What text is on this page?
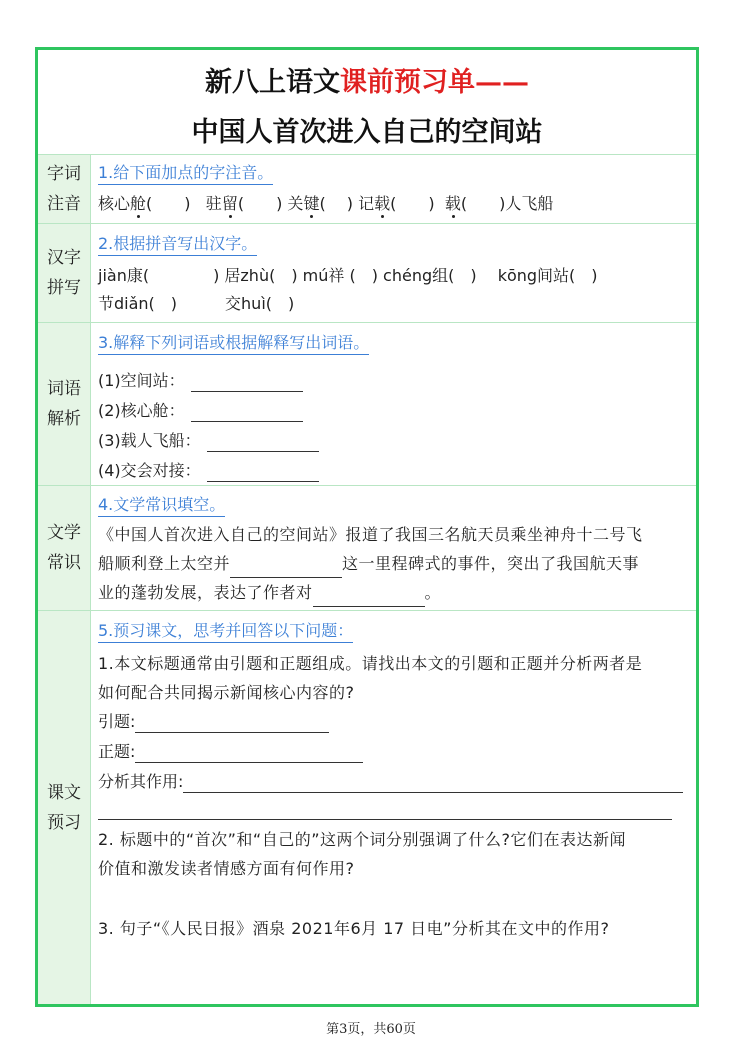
新八上语文课前预习单——
中国人首次进入自己的空间站
字词
注音
1.给下面加点的字注音。
核心舱(　　) 驻留(　　) 关键(　 ) 记载(　　) 载(　　)人飞船
汉字
拼写
2.根据拼音写出汉字。
jiàn康(　　　　) 居zhù(　) mú祥 (　) chéng组(　)　 kōng间站(　)
节diǎn(　)　　　交huì(　)
词语
解析
3.解释下列词语或根据解释写出词语。
(1)空间站：
(2)核心舱：
(3)载人飞船：
(4)交会对接：
文学
常识
4.文学常识填空。
《中国人首次进入自己的空间站》报道了我国三名航天员乘坐神舟十二号飞
船顺利登上太空并	这一里程碑式的事件，突出了我国航天事
业的蓬勃发展，表达了作者对	。
课文
预习
5.预习课文，思考并回答以下问题：
1.本文标题通常由引题和正题组成。请找出本文的引题和正题并分析两者是
如何配合共同揭示新闻核心内容的?
引题:
正题:
分析其作用:
2. 标题中的“首次”和“自己的”这两个词分别强调了什么?它们在表达新闻
价值和激发读者情感方面有何作用?
3. 句子“《人民日报》酒泉 2021年6月 17 日电”分析其在文中的作用?
第3页，共60页
